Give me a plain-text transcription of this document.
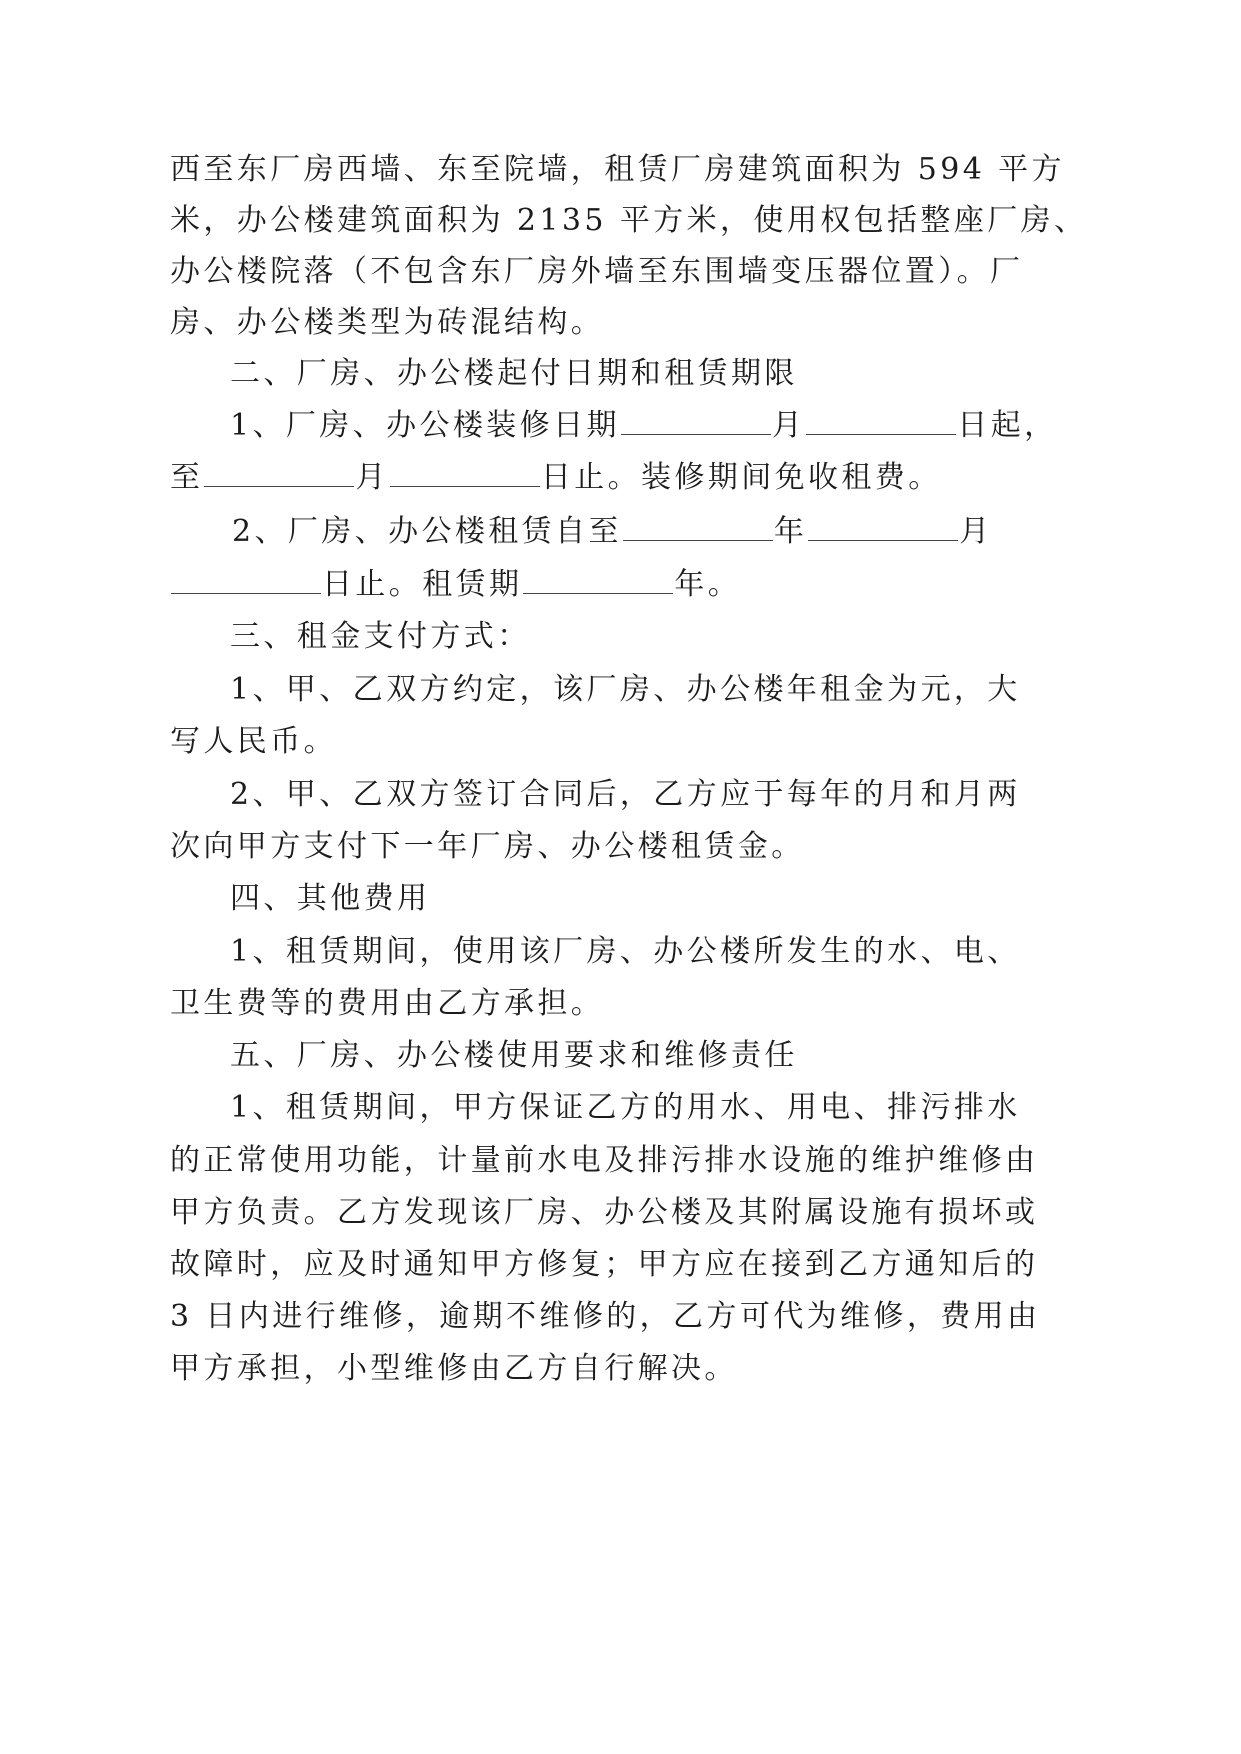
西至东厂房西墙、东至院墙，租赁厂房建筑面积为 594 平方
米，办公楼建筑面积为 2135 平方米，使用权包括整座厂房、
办公楼院落（不包含东厂房外墙至东围墙变压器位置）。厂
房、办公楼类型为砖混结构。
二、厂房、办公楼起付日期和租赁期限
1、厂房、办公楼装修日期	月	日起，
至	月	日止。装修期间免收租费。
2、厂房、办公楼租赁自至	年	月
日止。租赁期	年。
三、租金支付方式：
1、甲、乙双方约定，该厂房、办公楼年租金为元，大
写人民币。
2、甲、乙双方签订合同后，乙方应于每年的月和月两
次向甲方支付下一年厂房、办公楼租赁金。
四、其他费用
1、租赁期间，使用该厂房、办公楼所发生的水、电、
卫生费等的费用由乙方承担。
五、厂房、办公楼使用要求和维修责任
1、租赁期间，甲方保证乙方的用水、用电、排污排水
的正常使用功能，计量前水电及排污排水设施的维护维修由
甲方负责。乙方发现该厂房、办公楼及其附属设施有损坏或
故障时，应及时通知甲方修复；甲方应在接到乙方通知后的
3 日内进行维修，逾期不维修的，乙方可代为维修，费用由
甲方承担，小型维修由乙方自行解决。
